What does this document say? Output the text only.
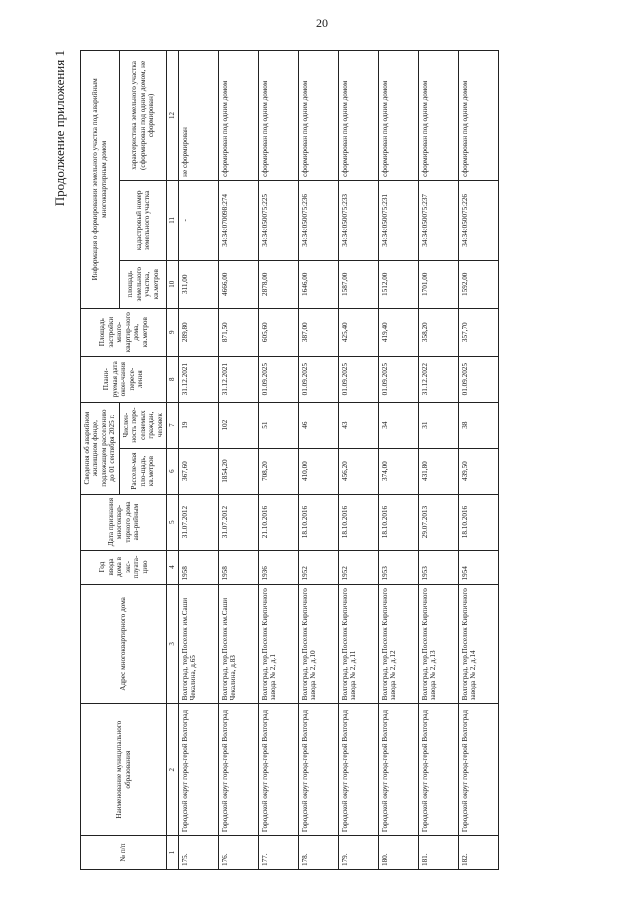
20
Продолжение приложения 1
№ п/п	Наименование муниципального образования	Адрес многоквартирного дома	Год ввода дома в экс-плуата-цию	Дата признания многоквар-тирного дома ава-рийным	Сведения об аварийном жилищном фонде, подлежащем расселению до 01 сентября 2025 г.		Плани-руемая дата окон-чания пересе-ления	Площадь застройки много-квартир-ного дома, кв.метров	Информация о формировании земельного участка под аварийным многоквартирным домом		
					Расселе-мая пло-щадь, кв.метров	Числен-ность пере-селяемых граждан, человек			площадь земельного участка, кв.метров	кадастровый номер земельного участка	характеристика земельного участка (сформирован под одним домом, не сформирован)
1	2	3	4	5	6	7	8	9	10	11	12
175.	Городской округ город-герой Волгоград	Волгоград, тер.Поселок им.Саши Чекалина, д.65	1958	31.07.2012	367,60	19	31.12.2021	289,80	311,00	-	не сформирован
176.	Городской округ город-герой Волгоград	Волгоград, тер.Поселок им.Саши Чекалина, д.83	1958	31.07.2012	1854,20	102	31.12.2021	871,50	4666,00	34:34:070098:274	сформирован под одним домом
177.	Городской округ город-герой Волгоград	Волгоград, тер.Поселок Кирпичного завода № 2, д.1	1936	21.10.2016	708,20	51	01.09.2025	605,60	2878,00	34:34:050075:225	сформирован под одним домом
178.	Городской округ город-герой Волгоград	Волгоград, тер.Поселок Кирпичного завода № 2, д.10	1952	18.10.2016	410,00	46	01.09.2025	387,00	1646,00	34:34:050075:236	сформирован под одним домом
179.	Городской округ город-герой Волгоград	Волгоград, тер.Поселок Кирпичного завода № 2, д.11	1952	18.10.2016	456,20	43	01.09.2025	425,40	1587,00	34:34:050075:233	сформирован под одним домом
180.	Городской округ город-герой Волгоград	Волгоград, тер.Поселок Кирпичного завода № 2, д.12	1953	18.10.2016	374,00	34	01.09.2025	419,40	1512,00	34:34:050075:231	сформирован под одним домом
181.	Городской округ город-герой Волгоград	Волгоград, тер.Поселок Кирпичного завода № 2, д.13	1953	29.07.2013	431,80	31	31.12.2022	358,20	1701,00	34:34:050075:237	сформирован под одним домом
182.	Городской округ город-герой Волгоград	Волгоград, тер.Поселок Кирпичного завода № 2, д.14	1954	18.10.2016	439,50	38	01.09.2025	357,70	1592,00	34:34:050075:226	сформирован под одним домом
